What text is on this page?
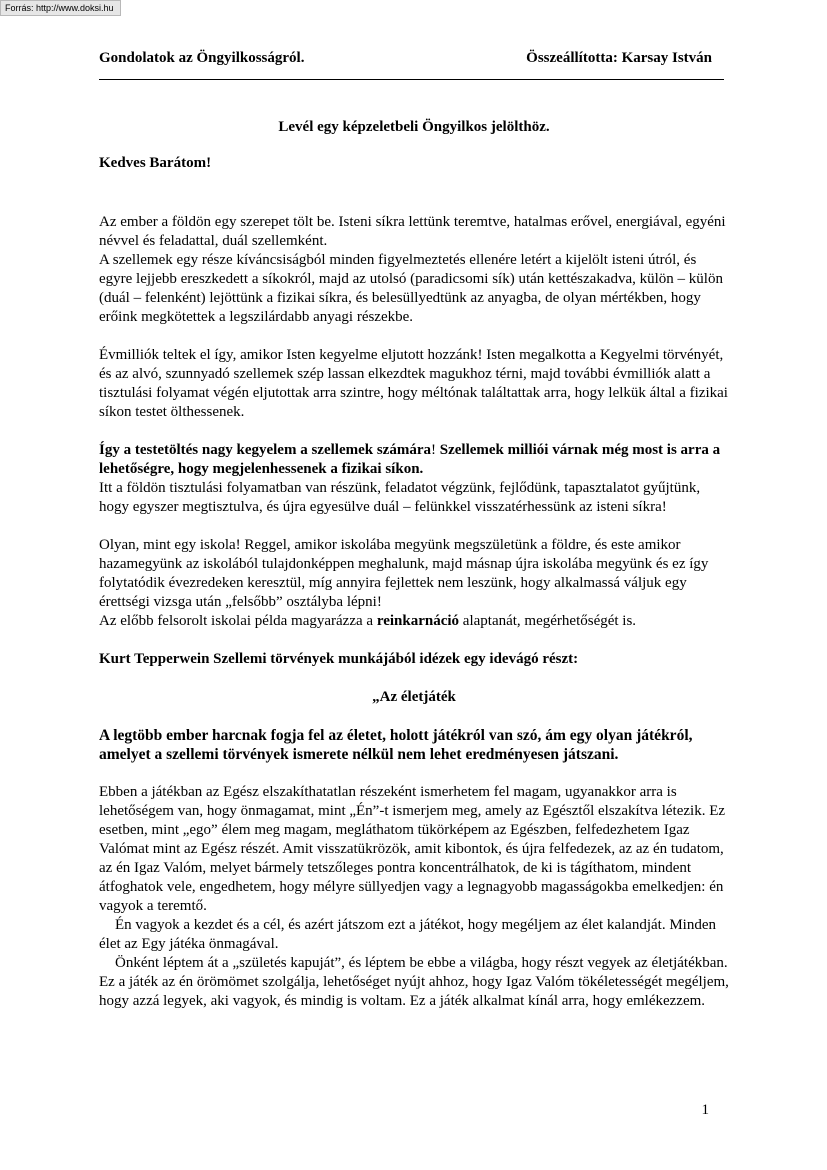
Forrás: http://www.doksi.hu
Gondolatok az Öngyilkosságról.	Összeállította: Karsay István

Levél egy képzeletbeli Öngyilkos jelölthöz.

Kedves Barátom!

Az ember a földön egy szerepet tölt be. Isteni síkra lettünk teremtve, hatalmas erővel, energiával, egyéni névvel és feladattal, duál szellemként.

A szellemek egy része kíváncsiságból minden figyelmeztetés ellenére letért a kijelölt isteni útról, és egyre lejjebb ereszkedett a síkokról, majd az utolsó (paradicsomi sík) után kettészakadva, külön – külön (duál – felenként) lejöttünk a fizikai síkra, és belesüllyedtünk az anyagba, de olyan mértékben, hogy erőink megkötettek a legszilárdabb anyagi részekbe.

Évmilliók teltek el így, amikor Isten kegyelme eljutott hozzánk! Isten megalkotta a Kegyelmi törvényét, és az alvó, szunnyadó szellemek szép lassan elkezdtek magukhoz térni, majd további évmilliók alatt a tisztulási folyamat végén eljutottak arra szintre, hogy méltónak találtattak arra, hogy lelkük által a fizikai síkon testet ölthessenek.

Így a testetöltés nagy kegyelem a szellemek számára! Szellemek milliói várnak még most is arra a lehetőségre, hogy megjelenhessenek a fizikai síkon.

Itt a földön tisztulási folyamatban van részünk, feladatot végzünk, fejlődünk, tapasztalatot gyűjtünk, hogy egyszer megtisztulva, és újra egyesülve duál – felünkkel visszatérhessünk az isteni síkra!

Olyan, mint egy iskola! Reggel, amikor iskolába megyünk megszületünk a földre, és este amikor hazamegyünk az iskolából tulajdonképpen meghalunk, majd másnap újra iskolába megyünk és ez így folytatódik évezredeken keresztül, míg annyira fejlettek nem leszünk, hogy alkalmassá váljuk egy érettségi vizsga után „felsőbb” osztályba lépni!

Az előbb felsorolt iskolai példa magyarázza a reinkarnáció alaptanát, megérhetőségét is.

Kurt Tepperwein Szellemi törvények munkájából idézek egy idevágó részt:

„Az életjáték

A legtöbb ember harcnak fogja fel az életet, holott játékról van szó, ám egy olyan játékról, amelyet a szellemi törvények ismerete nélkül nem lehet eredményesen játszani.

Ebben a játékban az Egész elszakíthatatlan részeként ismerhetem fel magam, ugyanakkor arra is lehetőségem van, hogy önmagamat, mint „Én”-t ismerjem meg, amely az Egésztől elszakítva létezik. Ez esetben, mint „ego” élem meg magam, megláthatom tükörképem az Egészben, felfedezhetem Igaz Valómat mint az Egész részét. Amit visszatükrözök, amit kibontok, és újra felfedezek, az az én tudatom, az én Igaz Valóm, melyet bármely tetszőleges pontra koncentrálhatok, de ki is tágíthatom, mindent átfoghatok vele, engedhetem, hogy mélyre süllyedjen vagy a legnagyobb magasságokba emelkedjen: én vagyok a teremtő.

Én vagyok a kezdet és a cél, és azért játszom ezt a játékot, hogy megéljem az élet kalandját. Minden élet az Egy játéka önmagával.

Önként léptem át a „születés kapuját”, és léptem be ebbe a világba, hogy részt vegyek az életjátékban. Ez a játék az én örömömet szolgálja, lehetőséget nyújt ahhoz, hogy Igaz Valóm tökéletességét megéljem, hogy azzá legyek, aki vagyok, és mindig is voltam. Ez a játék alkalmat kínál arra, hogy emlékezzem.

1
